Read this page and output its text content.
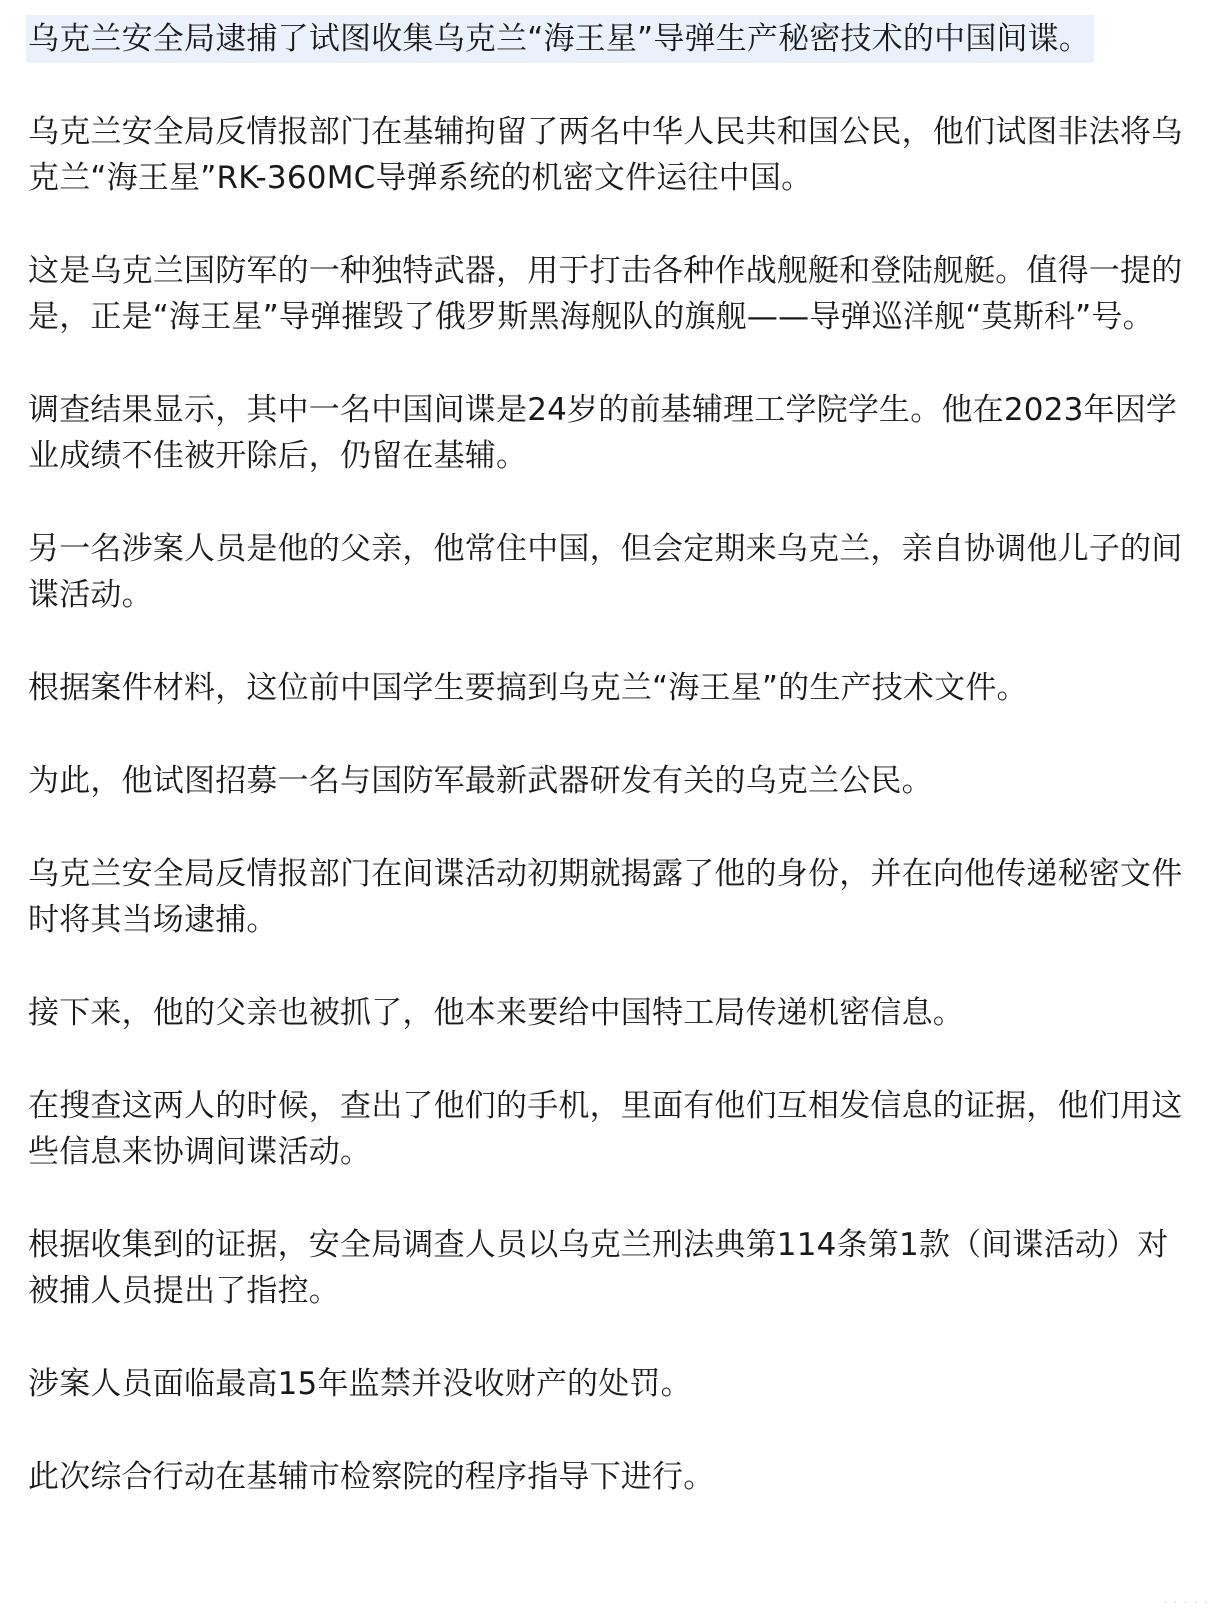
乌克兰安全局逮捕了试图收集乌克兰“海王星”导弹生产秘密技术的中国间谍。

乌克兰安全局反情报部门在基辅拘留了两名中华人民共和国公民，他们试图非法将乌克兰“海王星”RK-360MC导弹系统的机密文件运往中国。

这是乌克兰国防军的一种独特武器，用于打击各种作战舰艇和登陆舰艇。值得一提的是，正是“海王星”导弹摧毁了俄罗斯黑海舰队的旗舰——导弹巡洋舰“莫斯科”号。

调查结果显示，其中一名中国间谍是24岁的前基辅理工学院学生。他在2023年因学业成绩不佳被开除后，仍留在基辅。

另一名涉案人员是他的父亲，他常住中国，但会定期来乌克兰，亲自协调他儿子的间谍活动。

根据案件材料，这位前中国学生要搞到乌克兰“海王星”的生产技术文件。

为此，他试图招募一名与国防军最新武器研发有关的乌克兰公民。

乌克兰安全局反情报部门在间谍活动初期就揭露了他的身份，并在向他传递秘密文件时将其当场逮捕。

接下来，他的父亲也被抓了，他本来要给中国特工局传递机密信息。

在搜查这两人的时候，查出了他们的手机，里面有他们互相发信息的证据，他们用这些信息来协调间谍活动。

根据收集到的证据，安全局调查人员以乌克兰刑法典第114条第1款（间谍活动）对被捕人员提出了指控。

涉案人员面临最高15年监禁并没收财产的处罚。

此次综合行动在基辅市检察院的程序指导下进行。

· · · · ·
